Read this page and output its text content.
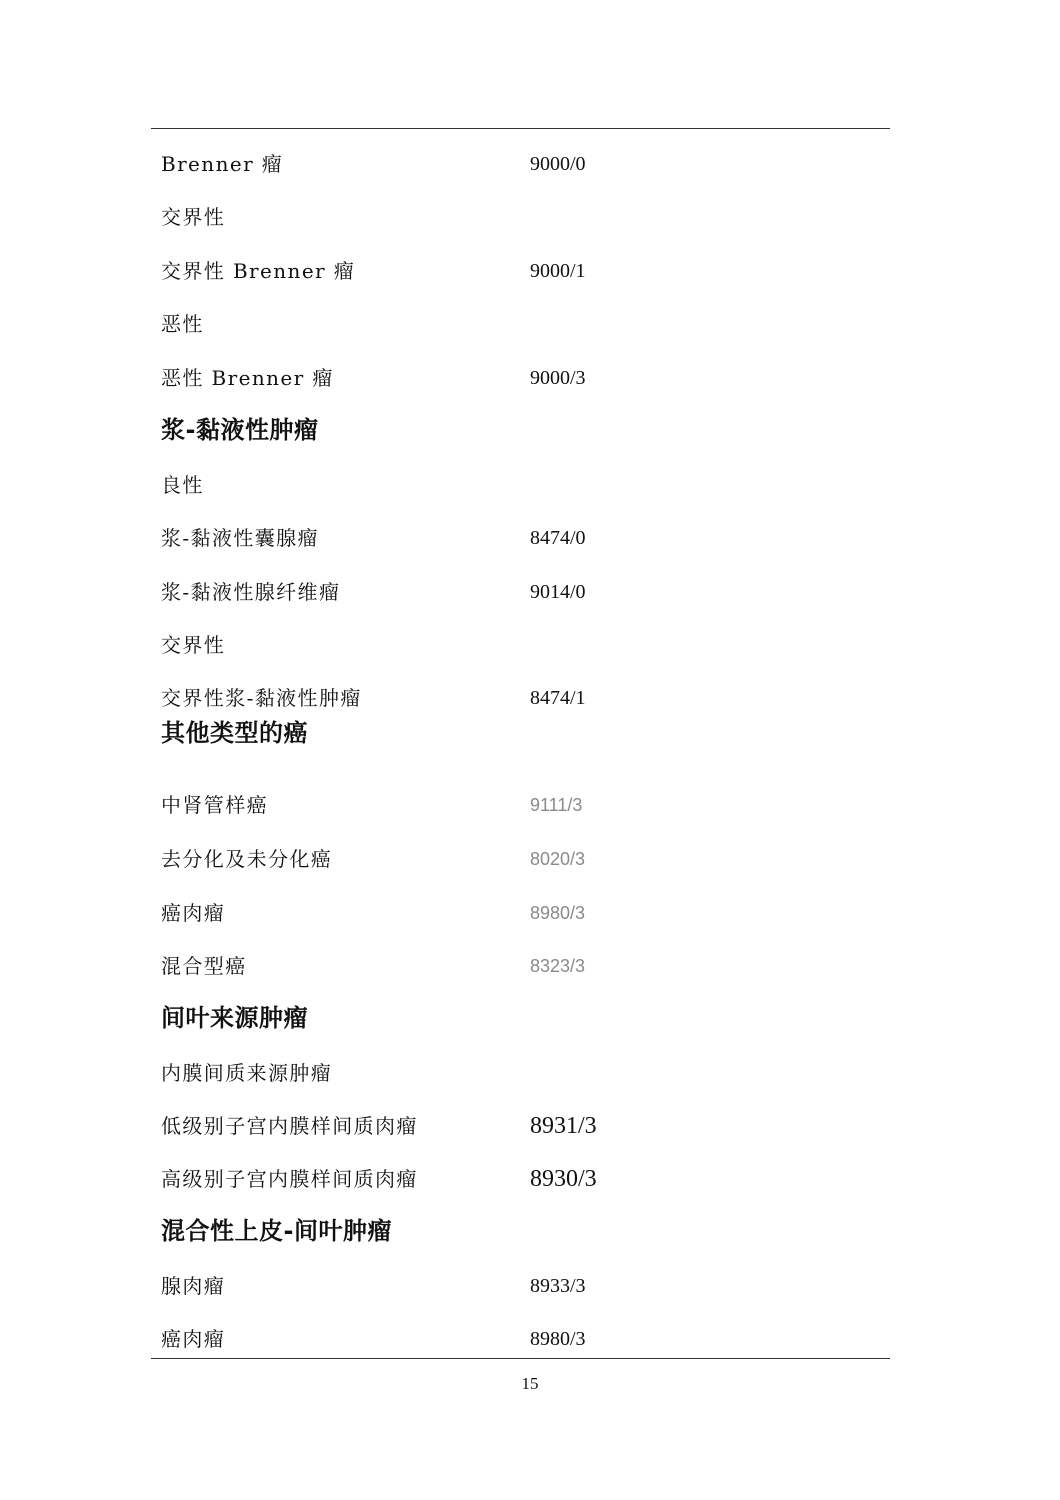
Brenner 瘤	9000/0
交界性
交界性 Brenner 瘤	9000/1
恶性
恶性 Brenner 瘤	9000/3
浆-黏液性肿瘤
良性
浆-黏液性囊腺瘤	8474/0
浆-黏液性腺纤维瘤	9014/0
交界性
交界性浆-黏液性肿瘤	8474/1
其他类型的癌
中肾管样癌	9111/3
去分化及未分化癌	8020/3
癌肉瘤	8980/3
混合型癌	8323/3
间叶来源肿瘤
内膜间质来源肿瘤
低级别子宫内膜样间质肉瘤	8931/3
高级别子宫内膜样间质肉瘤	8930/3
混合性上皮-间叶肿瘤
腺肉瘤	8933/3
癌肉瘤	8980/3
15
